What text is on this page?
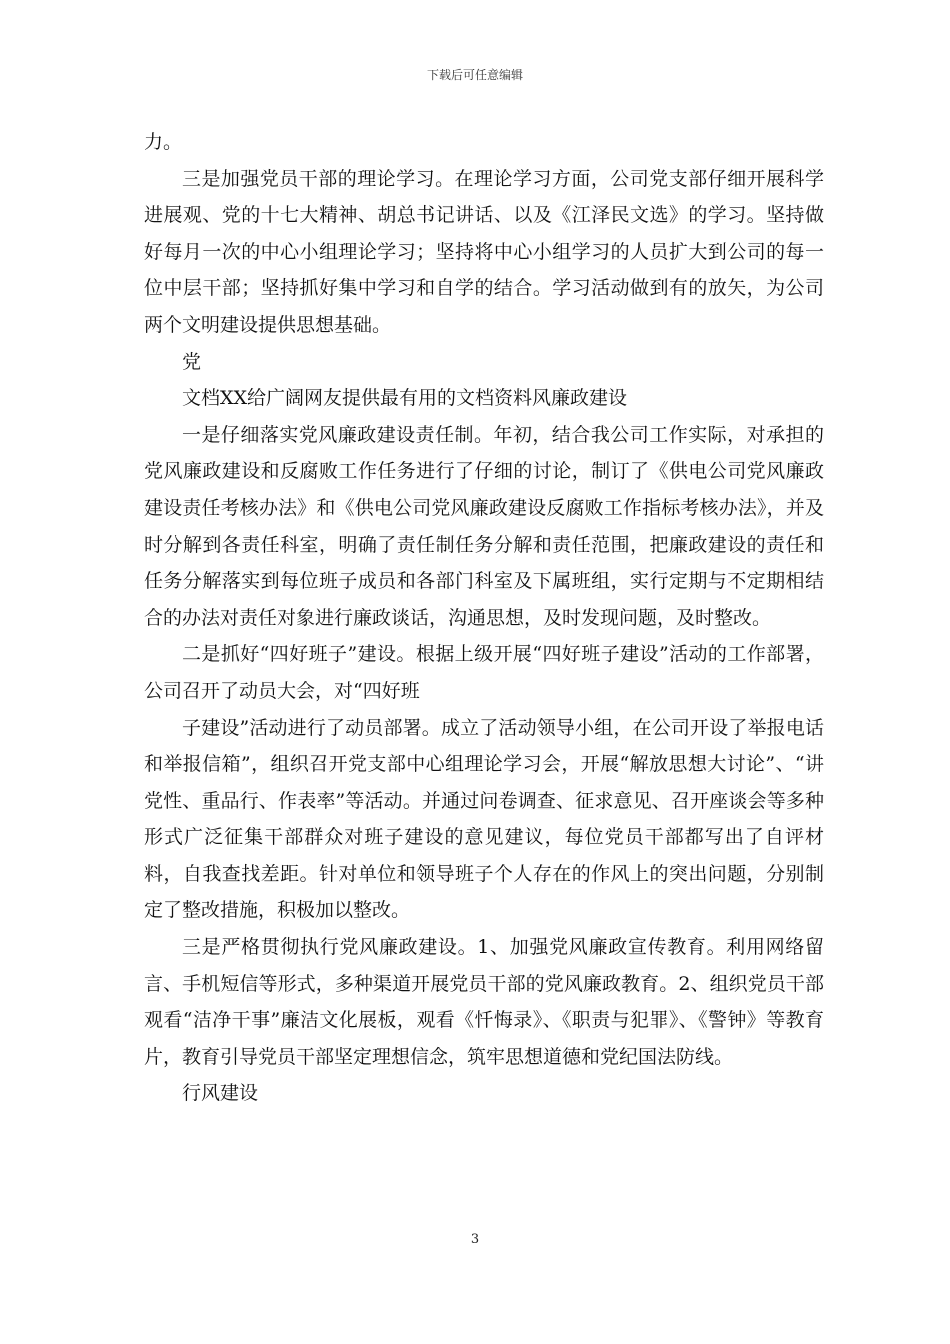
下载后可任意编辑

力。

三是加强党员干部的理论学习。在理论学习方面，公司党支部仔细开展科学进展观、党的十七大精神、胡总书记讲话、以及《江泽民文选》的学习。坚持做好每月一次的中心小组理论学习；坚持将中心小组学习的人员扩大到公司的每一位中层干部；坚持抓好集中学习和自学的结合。学习活动做到有的放矢，为公司两个文明建设提供思想基础。

党

文档XX给广阔网友提供最有用的文档资料风廉政建设

一是仔细落实党风廉政建设责任制。年初，结合我公司工作实际，对承担的党风廉政建设和反腐败工作任务进行了仔细的讨论，制订了《供电公司党风廉政建设责任考核办法》和《供电公司党风廉政建设反腐败工作指标考核办法》，并及时分解到各责任科室，明确了责任制任务分解和责任范围，把廉政建设的责任和任务分解落实到每位班子成员和各部门科室及下属班组，实行定期与不定期相结合的办法对责任对象进行廉政谈话，沟通思想，及时发现问题，及时整改。

二是抓好“四好班子”建设。根据上级开展“四好班子建设”活动的工作部署，公司召开了动员大会，对“四好班

子建设”活动进行了动员部署。成立了活动领导小组，在公司开设了举报电话和举报信箱”，组织召开党支部中心组理论学习会，开展“解放思想大讨论”、“讲党性、重品行、作表率”等活动。并通过问卷调查、征求意见、召开座谈会等多种形式广泛征集干部群众对班子建设的意见建议，每位党员干部都写出了自评材料，自我查找差距。针对单位和领导班子个人存在的作风上的突出问题，分别制定了整改措施，积极加以整改。

三是严格贯彻执行党风廉政建设。1、加强党风廉政宣传教育。利用网络留言、手机短信等形式，多种渠道开展党员干部的党风廉政教育。2、组织党员干部观看“洁净干事”廉洁文化展板，观看《忏悔录》、《职责与犯罪》、《警钟》等教育片，教育引导党员干部坚定理想信念，筑牢思想道德和党纪国法防线。

行风建设

3
